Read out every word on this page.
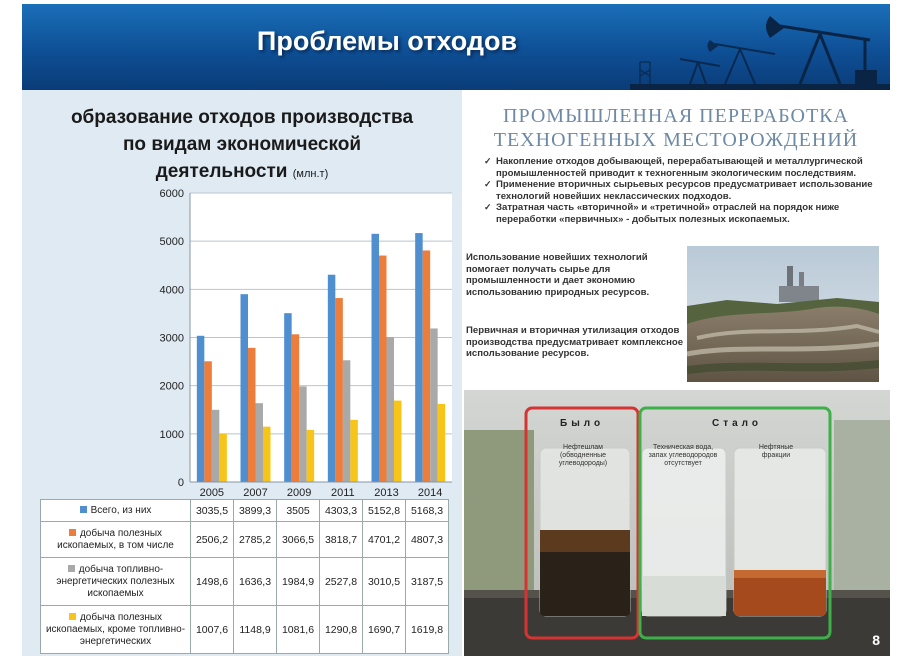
Проблемы отходов
0
1000
2000
3000
4000
5000
6000
2005 2007 2009 2011 2013 2014
образование отходов производства
по видам экономической
деятельности (млн.т)
Всего, из них	3035,5	3899,3	3505	4303,3	5152,8	5168,3
добыча полезных ископаемых, в том числе	2506,2	2785,2	3066,5	3818,7	4701,2	4807,3
добыча топливно-энергетических полезных ископаемых	1498,6	1636,3	1984,9	2527,8	3010,5	3187,5
добыча полезных ископаемых, кроме топливно-энергетических	1007,6	1148,9	1081,6	1290,8	1690,7	1619,8
ПРОМЫШЛЕННАЯ ПЕРЕРАБОТКА
ТЕХНОГЕННЫХ МЕСТОРОЖДЕНИЙ
✓ Накопление отходов добывающей, перерабатывающей и металлургической промышленностей приводит к техногенным экологическим последствиям.
✓ Применение вторичных сырьевых ресурсов предусматривает использование технологий новейших неклассических подходов.
✓ Затратная часть «вторичной» и «третичной» отраслей на порядок ниже переработки «первичных» - добытых полезных ископаемых.
Использование новейших технологий помогает получать сырье для промышленности и дает экономию использованию природных ресурсов.
Первичная и вторичная утилизация отходов производства предусматривает комплексное использование ресурсов.
Было	Стало
Нефтешлам (обводненные углеводороды)
Техническая вода, запах углеводородов отсутствует
Нефтяные фракции
8
